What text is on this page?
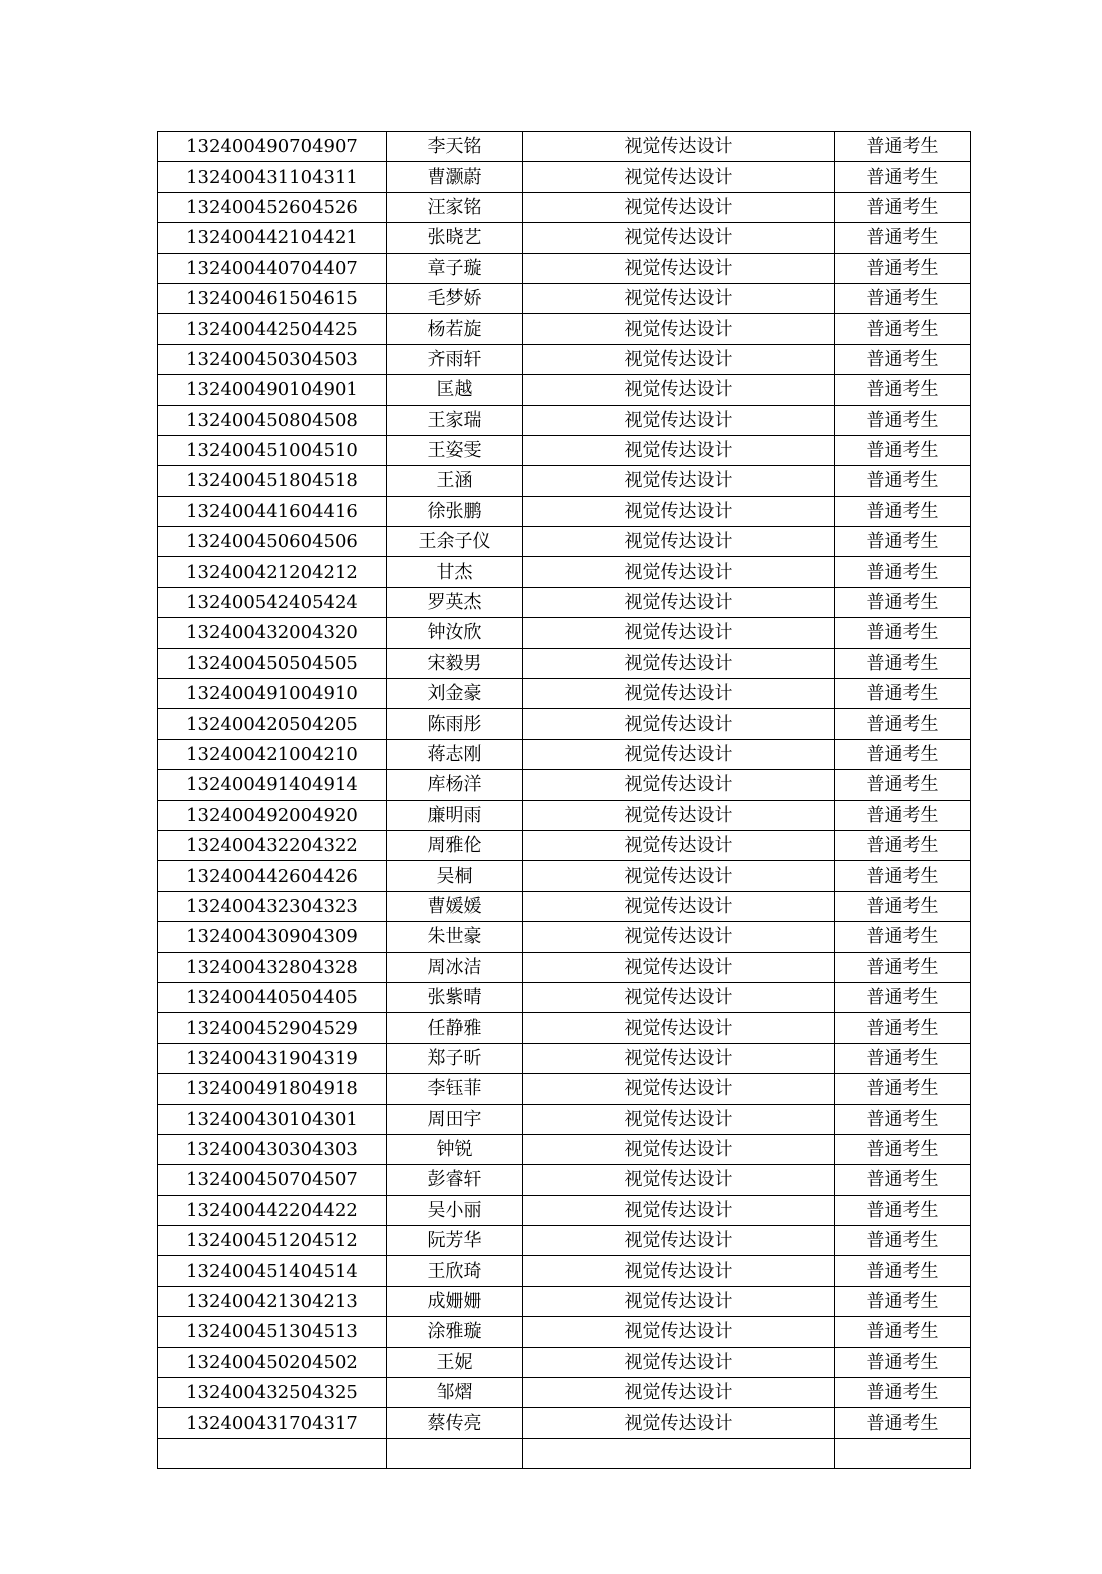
132400490704907	李天铭	视觉传达设计	普通考生
132400431104311	曹灏蔚	视觉传达设计	普通考生
132400452604526	汪家铭	视觉传达设计	普通考生
132400442104421	张晓艺	视觉传达设计	普通考生
132400440704407	章子璇	视觉传达设计	普通考生
132400461504615	毛梦娇	视觉传达设计	普通考生
132400442504425	杨若旋	视觉传达设计	普通考生
132400450304503	齐雨轩	视觉传达设计	普通考生
132400490104901	匡越	视觉传达设计	普通考生
132400450804508	王家瑞	视觉传达设计	普通考生
132400451004510	王姿雯	视觉传达设计	普通考生
132400451804518	王涵	视觉传达设计	普通考生
132400441604416	徐张鹏	视觉传达设计	普通考生
132400450604506	王余子仪	视觉传达设计	普通考生
132400421204212	甘杰	视觉传达设计	普通考生
132400542405424	罗英杰	视觉传达设计	普通考生
132400432004320	钟汝欣	视觉传达设计	普通考生
132400450504505	宋毅男	视觉传达设计	普通考生
132400491004910	刘金豪	视觉传达设计	普通考生
132400420504205	陈雨彤	视觉传达设计	普通考生
132400421004210	蒋志刚	视觉传达设计	普通考生
132400491404914	库杨洋	视觉传达设计	普通考生
132400492004920	廉明雨	视觉传达设计	普通考生
132400432204322	周雅伦	视觉传达设计	普通考生
132400442604426	吴桐	视觉传达设计	普通考生
132400432304323	曹媛媛	视觉传达设计	普通考生
132400430904309	朱世豪	视觉传达设计	普通考生
132400432804328	周冰洁	视觉传达设计	普通考生
132400440504405	张紫晴	视觉传达设计	普通考生
132400452904529	任静雅	视觉传达设计	普通考生
132400431904319	郑子昕	视觉传达设计	普通考生
132400491804918	李钰菲	视觉传达设计	普通考生
132400430104301	周田宇	视觉传达设计	普通考生
132400430304303	钟锐	视觉传达设计	普通考生
132400450704507	彭睿轩	视觉传达设计	普通考生
132400442204422	吴小丽	视觉传达设计	普通考生
132400451204512	阮芳华	视觉传达设计	普通考生
132400451404514	王欣琦	视觉传达设计	普通考生
132400421304213	成姗姗	视觉传达设计	普通考生
132400451304513	涂雅璇	视觉传达设计	普通考生
132400450204502	王妮	视觉传达设计	普通考生
132400432504325	邹熠	视觉传达设计	普通考生
132400431704317	蔡传亮	视觉传达设计	普通考生
